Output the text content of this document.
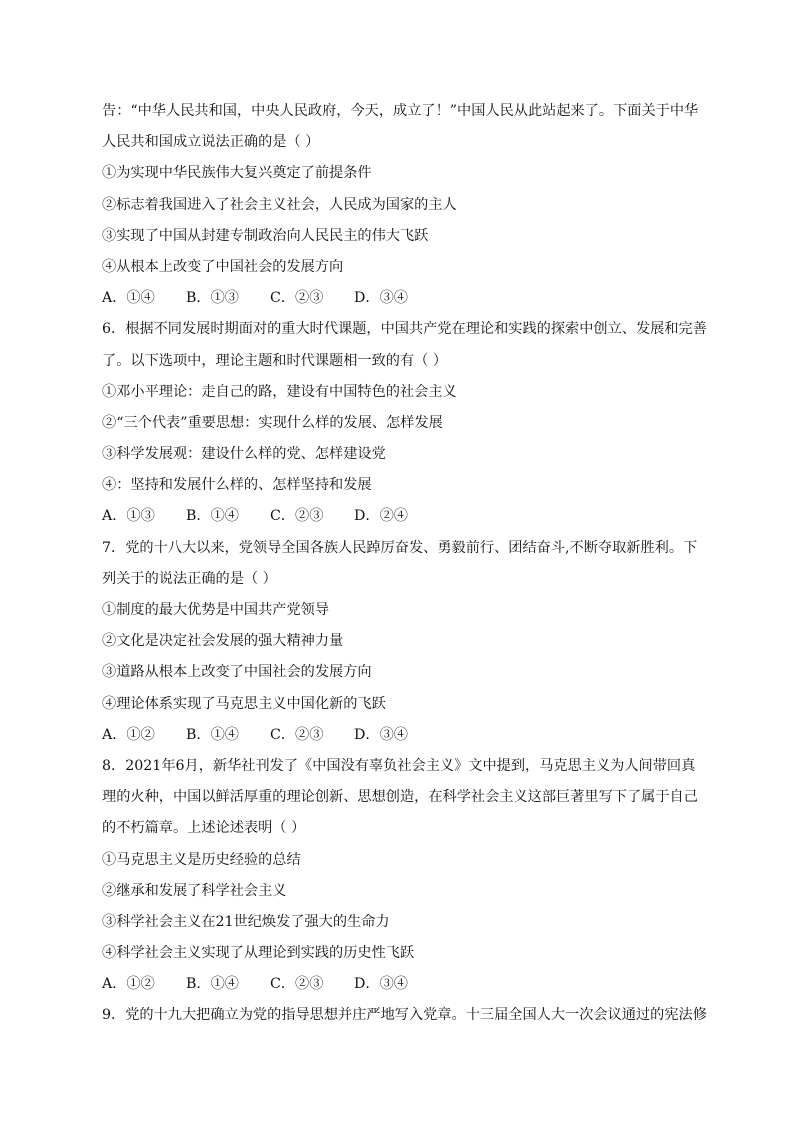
告：“中华人民共和国，中央人民政府，今天，成立了！”中国人民从此站起来了。下面关于中华
人民共和国成立说法正确的是（ ）
①为实现中华民族伟大复兴奠定了前提条件
②标志着我国进入了社会主义社会，人民成为国家的主人
③实现了中国从封建专制政治向人民民主的伟大飞跃
④从根本上改变了中国社会的发展方向
A．①④	B．①③	C．②③	D．③④
6．根据不同发展时期面对的重大时代课题，中国共产党在理论和实践的探索中创立、发展和完善
了。以下选项中，理论主题和时代课题相一致的有（ ）
①邓小平理论：走自己的路，建设有中国特色的社会主义
②“三个代表”重要思想：实现什么样的发展、怎样发展
③科学发展观：建设什么样的党、怎样建设党
④：坚持和发展什么样的、怎样坚持和发展
A．①③	B．①④	C．②③	D．②④
7．党的十八大以来，党领导全国各族人民踔厉奋发、勇毅前行、团结奋斗,不断夺取新胜利。下
列关于的说法正确的是（ ）
①制度的最大优势是中国共产党领导
②文化是决定社会发展的强大精神力量
③道路从根本上改变了中国社会的发展方向
④理论体系实现了马克思主义中国化新的飞跃
A．①②	B．①④	C．②③	D．③④
8．2021年6月，新华社刊发了《中国没有辜负社会主义》文中提到，马克思主义为人间带回真
理的火种，中国以鲜活厚重的理论创新、思想创造，在科学社会主义这部巨著里写下了属于自己
的不朽篇章。上述论述表明（ ）
①马克思主义是历史经验的总结
②继承和发展了科学社会主义
③科学社会主义在21世纪焕发了强大的生命力
④科学社会主义实现了从理论到实践的历史性飞跃
A．①②	B．①④	C．②③	D．③④
9．党的十九大把确立为党的指导思想并庄严地写入党章。十三届全国人大一次会议通过的宪法修
